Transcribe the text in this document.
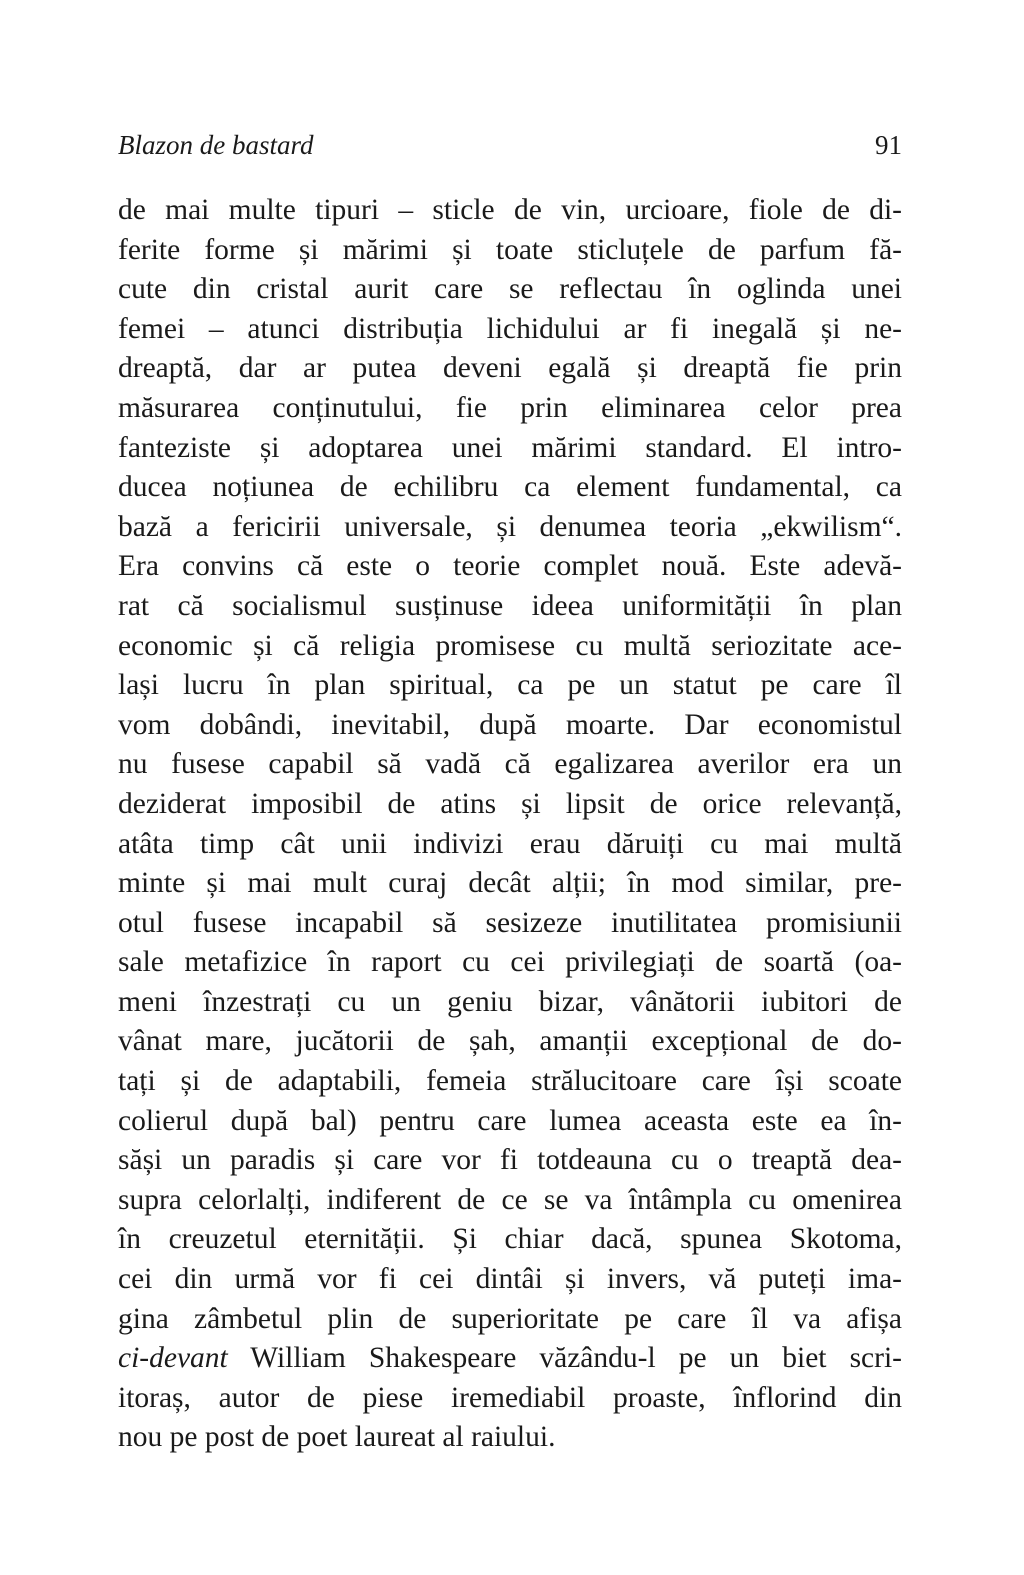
Blazon de bastard	91
de mai multe tipuri – sticle de vin, urcioare, fiole de di-
ferite forme și mărimi și toate sticluțele de parfum fă-
cute din cristal aurit care se reflectau în oglinda unei
femei – atunci distribuția lichidului ar fi inegală și ne-
dreaptă, dar ar putea deveni egală și dreaptă fie prin
măsurarea conținutului, fie prin eliminarea celor prea
fanteziste și adoptarea unei mărimi standard. El intro-
ducea noțiunea de echilibru ca element fundamental, ca
bază a fericirii universale, și denumea teoria „ekwilism“.
Era convins că este o teorie complet nouă. Este adevă-
rat că socialismul susținuse ideea uniformității în plan
economic și că religia promisese cu multă seriozitate ace-
lași lucru în plan spiritual, ca pe un statut pe care îl
vom dobândi, inevitabil, după moarte. Dar economistul
nu fusese capabil să vadă că egalizarea averilor era un
deziderat imposibil de atins și lipsit de orice relevanță,
atâta timp cât unii indivizi erau dăruiți cu mai multă
minte și mai mult curaj decât alții; în mod similar, pre-
otul fusese incapabil să sesizeze inutilitatea promisiunii
sale metafizice în raport cu cei privilegiați de soartă (oa-
meni înzestrați cu un geniu bizar, vânătorii iubitori de
vânat mare, jucătorii de șah, amanții excepțional de do-
tați și de adaptabili, femeia strălucitoare care își scoate
colierul după bal) pentru care lumea aceasta este ea în-
săși un paradis și care vor fi totdeauna cu o treaptă dea-
supra celorlalți, indiferent de ce se va întâmpla cu omenirea
în creuzetul eternității. Și chiar dacă, spunea Skotoma,
cei din urmă vor fi cei dintâi și invers, vă puteți ima-
gina zâmbetul plin de superioritate pe care îl va afișa
ci-devant William Shakespeare văzându-l pe un biet scri-
itoraș, autor de piese iremediabil proaste, înflorind din
nou pe post de poet laureat al raiului.
